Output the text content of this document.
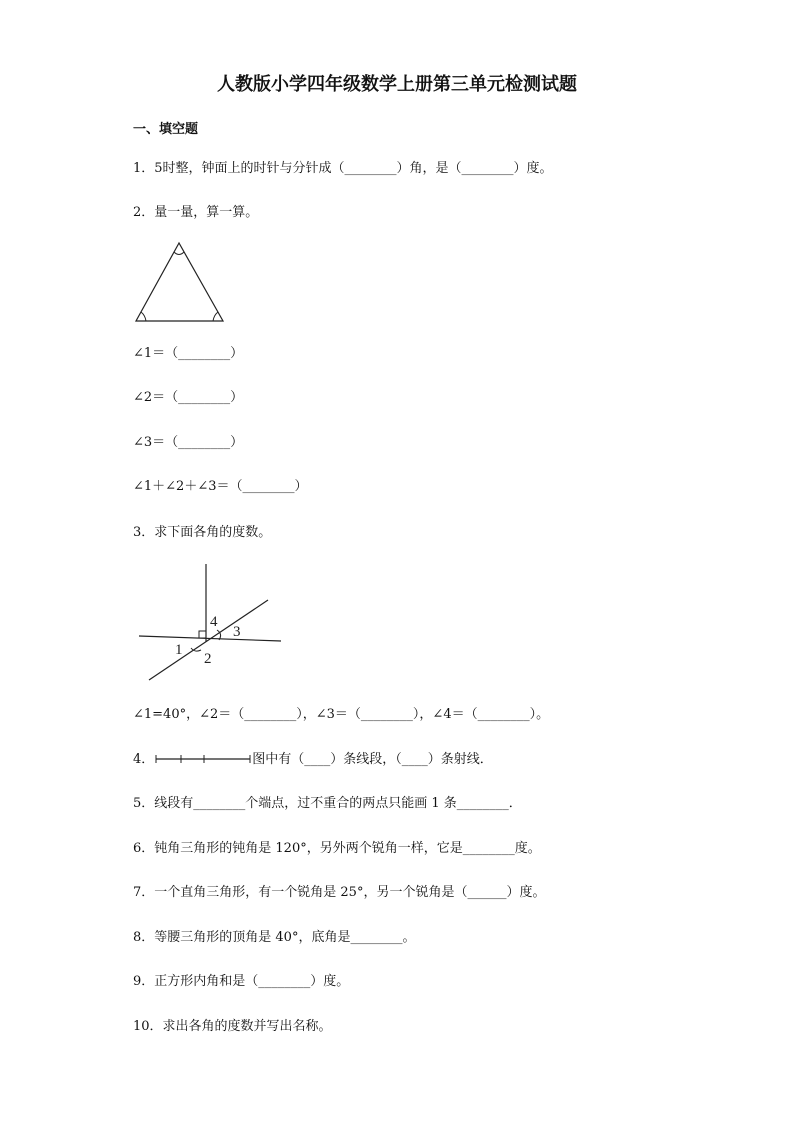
人教版小学四年级数学上册第三单元检测试题
一、填空题
1．5时整，钟面上的时针与分针成（________）角，是（________）度。
2．量一量，算一算。
∠1＝（________）
∠2＝（________）
∠3＝（________）
∠1＋∠2＋∠3＝（________）
3．求下面各角的度数。
4
3
1
2
∠1=40°，∠2＝（________），∠3＝（________），∠4＝（________）。
4．	图中有（____）条线段，（____）条射线．
5．线段有________个端点，过不重合的两点只能画 1 条________．
6．钝角三角形的钝角是 120°，另外两个锐角一样，它是________度。
7．一个直角三角形，有一个锐角是 25°，另一个锐角是（______）度。
8．等腰三角形的顶角是 40°，底角是________。
9．正方形内角和是（________）度。
10．求出各角的度数并写出名称。
